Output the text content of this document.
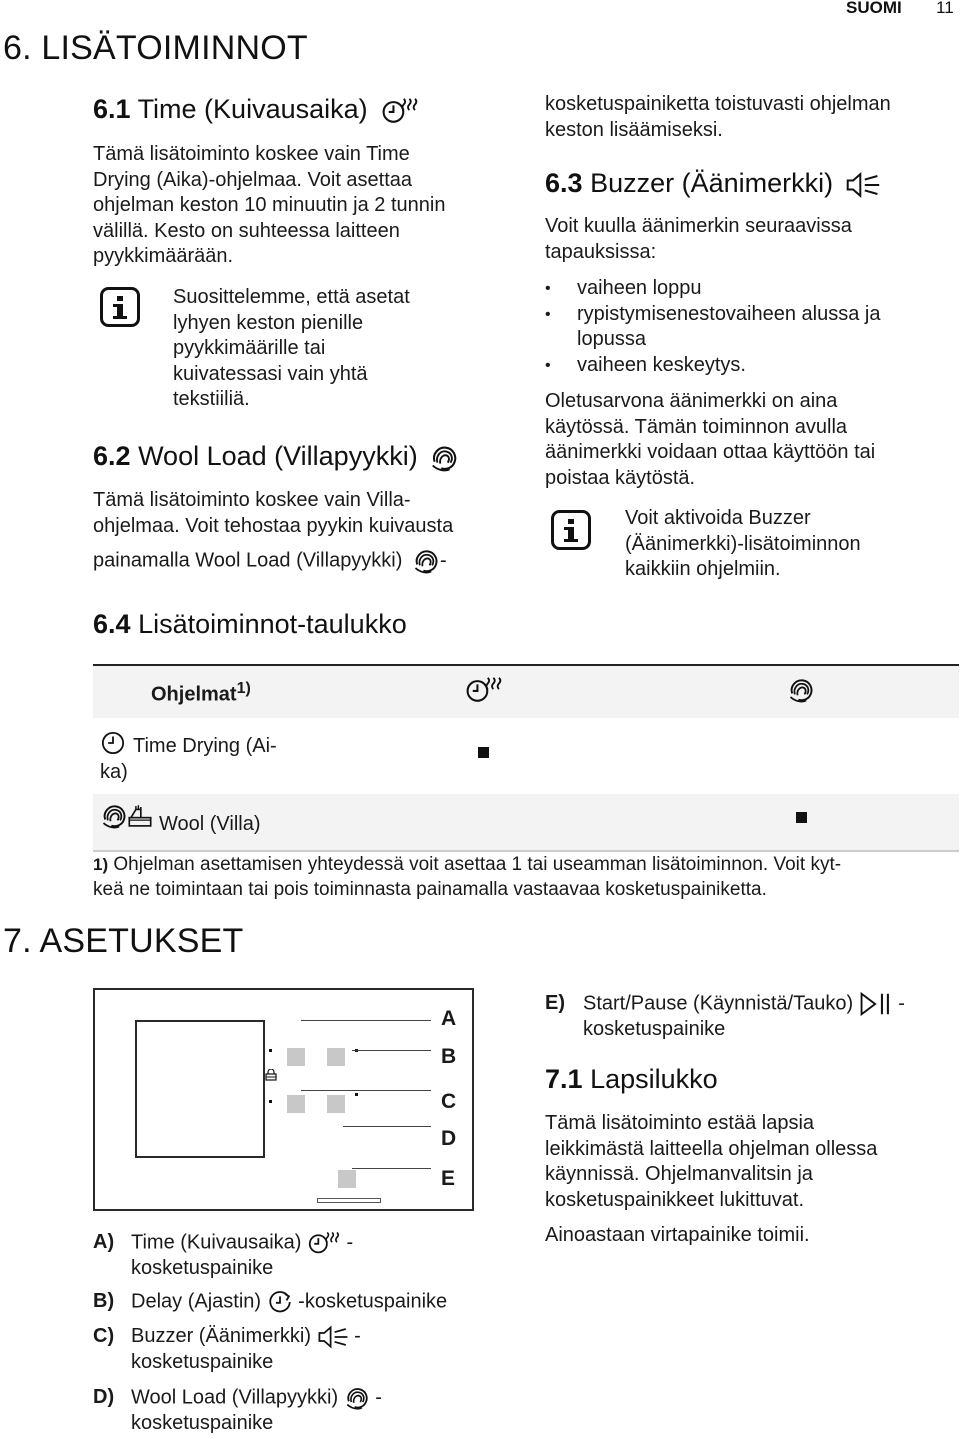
SUOMI 11
6. LISÄTOIMINNOT
6.1 Time (Kuivausaika)
Tämä lisätoiminto koskee vain Time
Drying (Aika)-ohjelmaa. Voit asettaa
ohjelman keston 10 minuutin ja 2 tunnin
välillä. Kesto on suhteessa laitteen
pyykkimäärään.
Suosittelemme, että asetat
lyhyen keston pienille
pyykkimäärille tai
kuivatessasi vain yhtä
tekstiiliä.
6.2 Wool Load (Villapyykki)
Tämä lisätoiminto koskee vain Villa-
ohjelmaa. Voit tehostaa pyykin kuivausta
painamalla Wool Load (Villapyykki) -
kosketuspainiketta toistuvasti ohjelman
keston lisäämiseksi.
6.3 Buzzer (Äänimerkki)
Voit kuulla äänimerkin seuraavissa
tapauksissa:
• vaiheen loppu
• rypistymisenestovaiheen alussa ja lopussa
• vaiheen keskeytys.
Oletusarvona äänimerkki on aina
käytössä. Tämän toiminnon avulla
äänimerkki voidaan ottaa käyttöön tai
poistaa käytöstä.
Voit aktivoida Buzzer
(Äänimerkki)-lisätoiminnon
kaikkiin ohjelmiin.
6.4 Lisätoiminnot-taulukko
Ohjelmat$^{1)}$
Time Drying (Ai-
ka)
Wool (Villa)
1) Ohjelman asettamisen yhteydessä voit asettaa 1 tai useamman lisätoiminnon. Voit kyt-
keä ne toimintaan tai pois toiminnasta painamalla vastaavaa kosketuspainiketta.
7. ASETUKSET
A
B
C
D
E
A) Time (Kuivausaika) -
kosketuspainike
B) Delay (Ajastin) -kosketuspainike
C) Buzzer (Äänimerkki) -
kosketuspainike
D) Wool Load (Villapyykki) -
kosketuspainike
E) Start/Pause (Käynnistä/Tauko) -
kosketuspainike
7.1 Lapsilukko
Tämä lisätoiminto estää lapsia
leikkimästä laitteella ohjelman ollessa
käynnissä. Ohjelmanvalitsin ja
kosketuspainikkeet lukittuvat.
Ainoastaan virtapainike toimii.
